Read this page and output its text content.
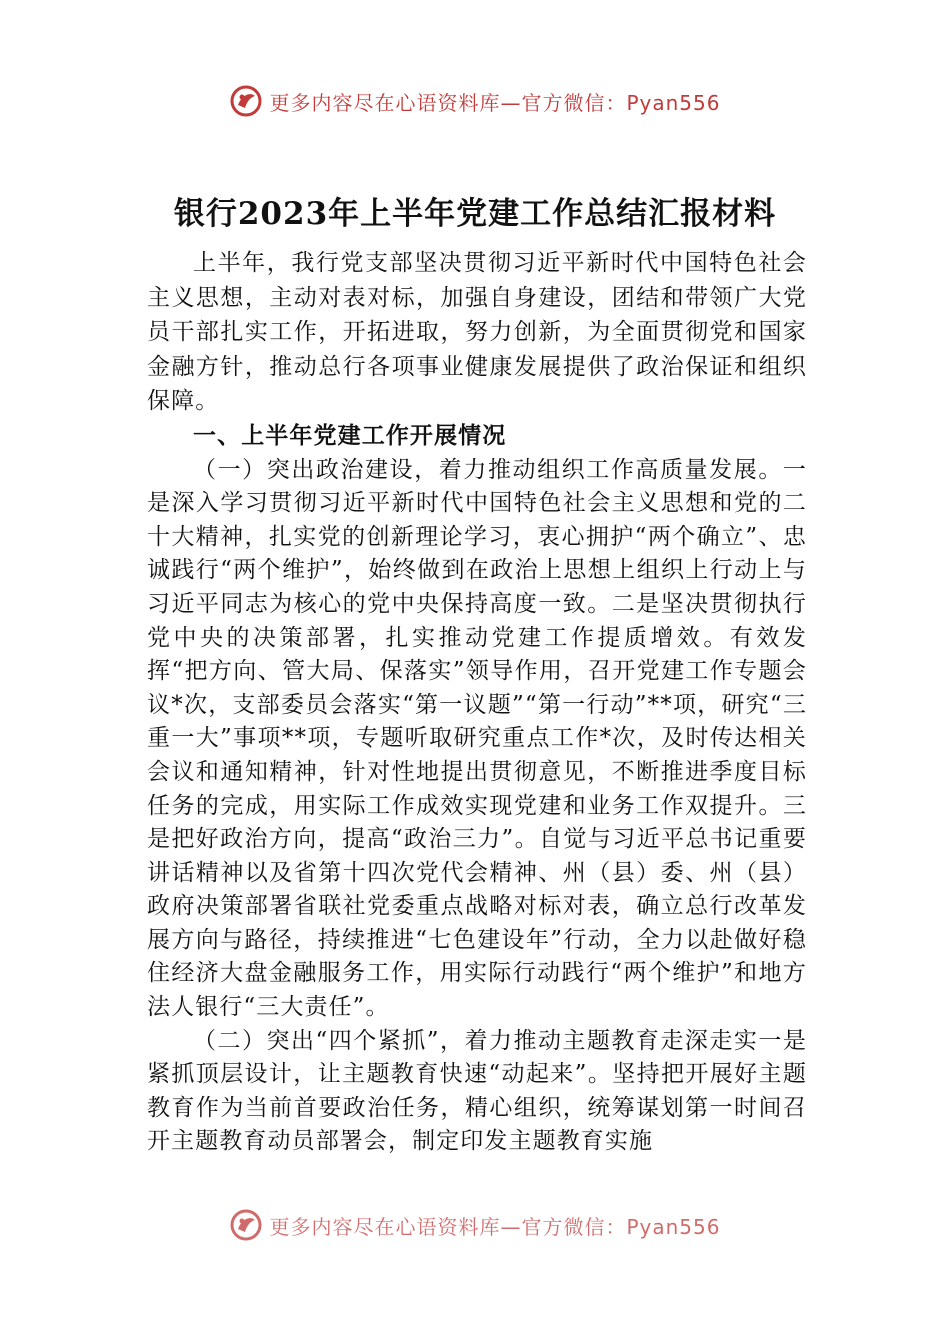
更多内容尽在心语资料库—官方微信：Pyan556
银行2023年上半年党建工作总结汇报材料

上半年，我行党支部坚决贯彻习近平新时代中国特色社会主义思想，主动对表对标，加强自身建设，团结和带领广大党员干部扎实工作，开拓进取，努力创新，为全面贯彻党和国家金融方针，推动总行各项事业健康发展提供了政治保证和组织保障。

一、上半年党建工作开展情况

（一）突出政治建设，着力推动组织工作高质量发展。一是深入学习贯彻习近平新时代中国特色社会主义思想和党的二十大精神，扎实党的创新理论学习，衷心拥护“两个确立”、忠诚践行“两个维护”，始终做到在政治上思想上组织上行动上与习近平同志为核心的党中央保持高度一致。二是坚决贯彻执行党中央的决策部署，扎实推动党建工作提质增效。有效发挥“把方向、管大局、保落实”领导作用，召开党建工作专题会议*次，支部委员会落实“第一议题”“第一行动”**项，研究“三重一大”事项**项，专题听取研究重点工作*次，及时传达相关会议和通知精神，针对性地提出贯彻意见，不断推进季度目标任务的完成，用实际工作成效实现党建和业务工作双提升。三是把好政治方向，提高“政治三力”。自觉与习近平总书记重要讲话精神以及省第十四次党代会精神、州（县）委、州（县）政府决策部署省联社党委重点战略对标对表，确立总行改革发展方向与路径，持续推进“七色建设年”行动，全力以赴做好稳住经济大盘金融服务工作，用实际行动践行“两个维护”和地方法人银行“三大责任”。

（二）突出“四个紧抓”，着力推动主题教育走深走实一是紧抓顶层设计，让主题教育快速“动起来”。坚持把开展好主题教育作为当前首要政治任务，精心组织，统筹谋划第一时间召开主题教育动员部署会，制定印发主题教育实施

更多内容尽在心语资料库—官方微信：Pyan556
